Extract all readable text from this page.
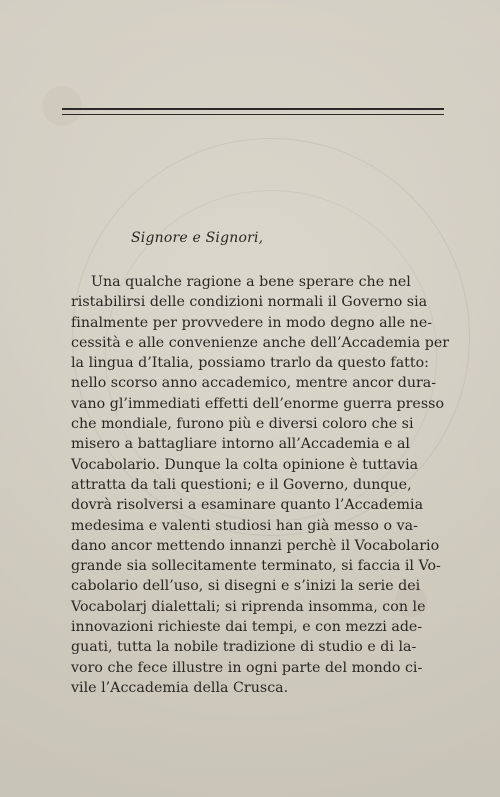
Signore e Signori,
Una qualche ragione a bene sperare che nel
ristabilirsi delle condizioni normali il Governo sia
finalmente per provvedere in modo degno alle ne-
cessità e alle convenienze anche dell’Accademia per
la lingua d’Italia, possiamo trarlo da questo fatto:
nello scorso anno accademico, mentre ancor dura-
vano gl’immediati effetti dell’enorme guerra presso
che mondiale, furono più e diversi coloro che si
misero a battagliare intorno all’Accademia e al
Vocabolario. Dunque la colta opinione è tuttavia
attratta da tali questioni; e il Governo, dunque,
dovrà risolversi a esaminare quanto l’Accademia
medesima e valenti studiosi han già messo o va-
dano ancor mettendo innanzi perchè il Vocabolario
grande sia sollecitamente terminato, si faccia il Vo-
cabolario dell’uso, si disegni e s’inizi la serie dei
Vocabolarj dialettali; si riprenda insomma, con le
innovazioni richieste dai tempi, e con mezzi ade-
guati, tutta la nobile tradizione di studio e di la-
voro che fece illustre in ogni parte del mondo ci-
vile l’Accademia della Crusca.
